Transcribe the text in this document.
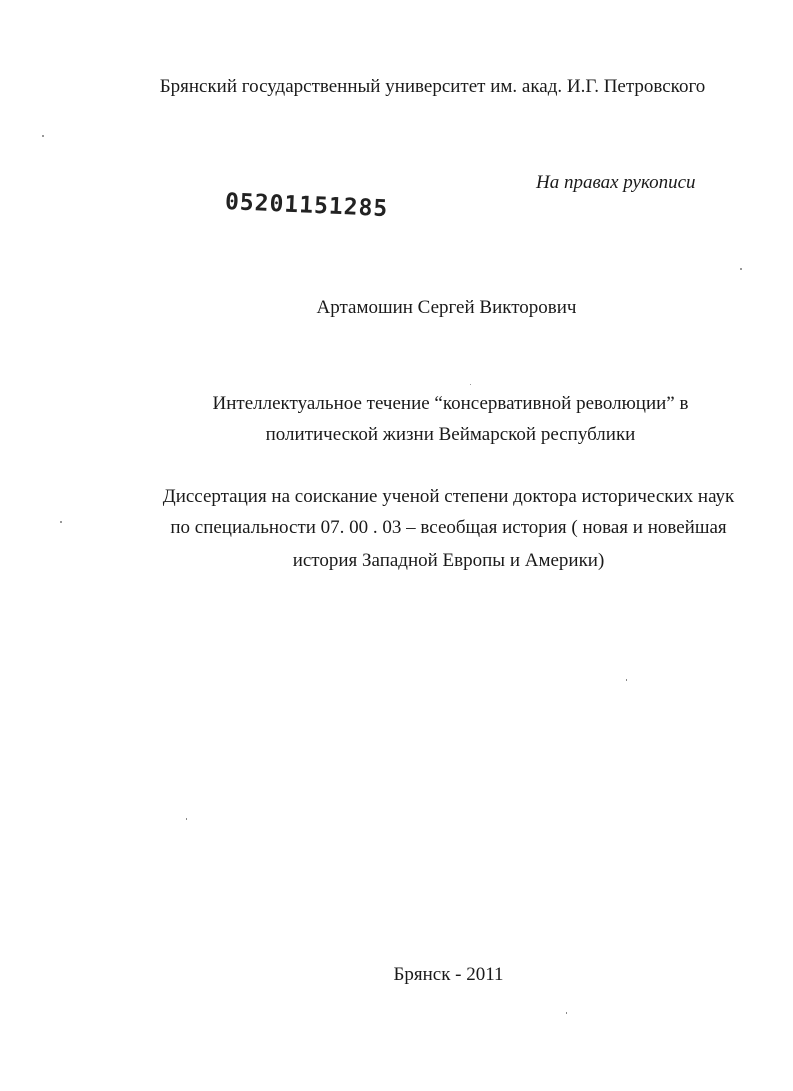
Брянский государственный университет им. акад. И.Г. Петровского
На правах рукописи
05201151285
Артамошин Сергей Викторович
Интеллектуальное течение “консервативной революции” в
политической жизни Веймарской республики
Диссертация на соискание ученой степени доктора исторических наук
по специальности 07. 00 . 03 – всеобщая история ( новая и новейшая
история Западной Европы и Америки)
Брянск - 2011
